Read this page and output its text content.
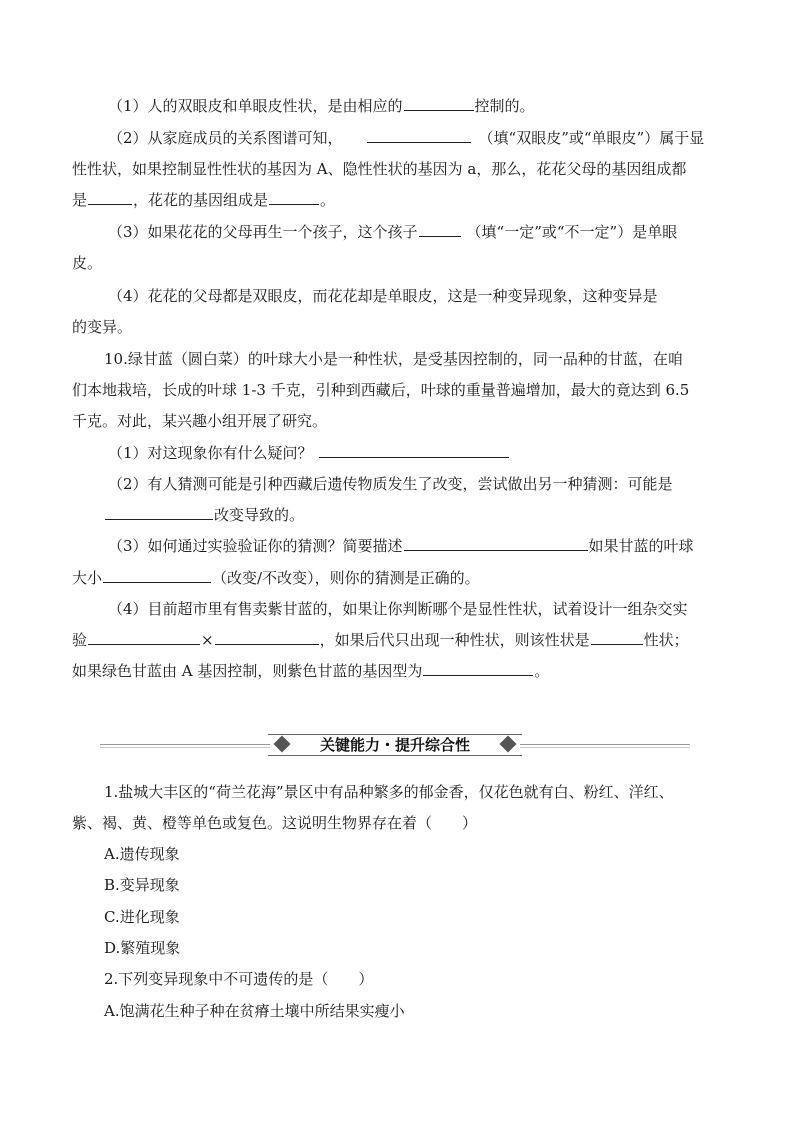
（1）人的双眼皮和单眼皮性状，是由相应的	控制的。
（2）从家庭成员的关系图谱可知，	（填“双眼皮”或“单眼皮”）属于显
性性状，如果控制显性性状的基因为 A、隐性性状的基因为 a，那么，花花父母的基因组成都
是	，花花的基因组成是	。
（3）如果花花的父母再生一个孩子，这个孩子	（填“一定”或“不一定”）是单眼
皮。
（4）花花的父母都是双眼皮，而花花却是单眼皮，这是一种变异现象，这种变异是
的变异。
10.绿甘蓝（圆白菜）的叶球大小是一种性状，是受基因控制的，同一品种的甘蓝，在咱
们本地栽培，长成的叶球 1-3 千克，引种到西藏后，叶球的重量普遍增加，最大的竟达到 6.5
千克。对此，某兴趣小组开展了研究。
（1）对这现象你有什么疑问？
（2）有人猜测可能是引种西藏后遗传物质发生了改变，尝试做出另一种猜测：可能是
改变导致的。
（3）如何通过实验验证你的猜测？简要描述	如果甘蓝的叶球
大小	（改变/不改变），则你的猜测是正确的。
（4）目前超市里有售卖紫甘蓝的，如果让你判断哪个是显性性状，试着设计一组杂交实
验	×	，如果后代只出现一种性状，则该性状是	性状；
如果绿色甘蓝由 A 基因控制，则紫色甘蓝的基因型为	。
关键能力・提升综合性
1.盐城大丰区的“荷兰花海”景区中有品种繁多的郁金香，仅花色就有白、粉红、洋红、
紫、褐、黄、橙等单色或复色。这说明生物界存在着（　　）
A.遗传现象
B.变异现象
C.进化现象
D.繁殖现象
2.下列变异现象中不可遗传的是（　　）
A.饱满花生种子种在贫瘠土壤中所结果实瘦小
